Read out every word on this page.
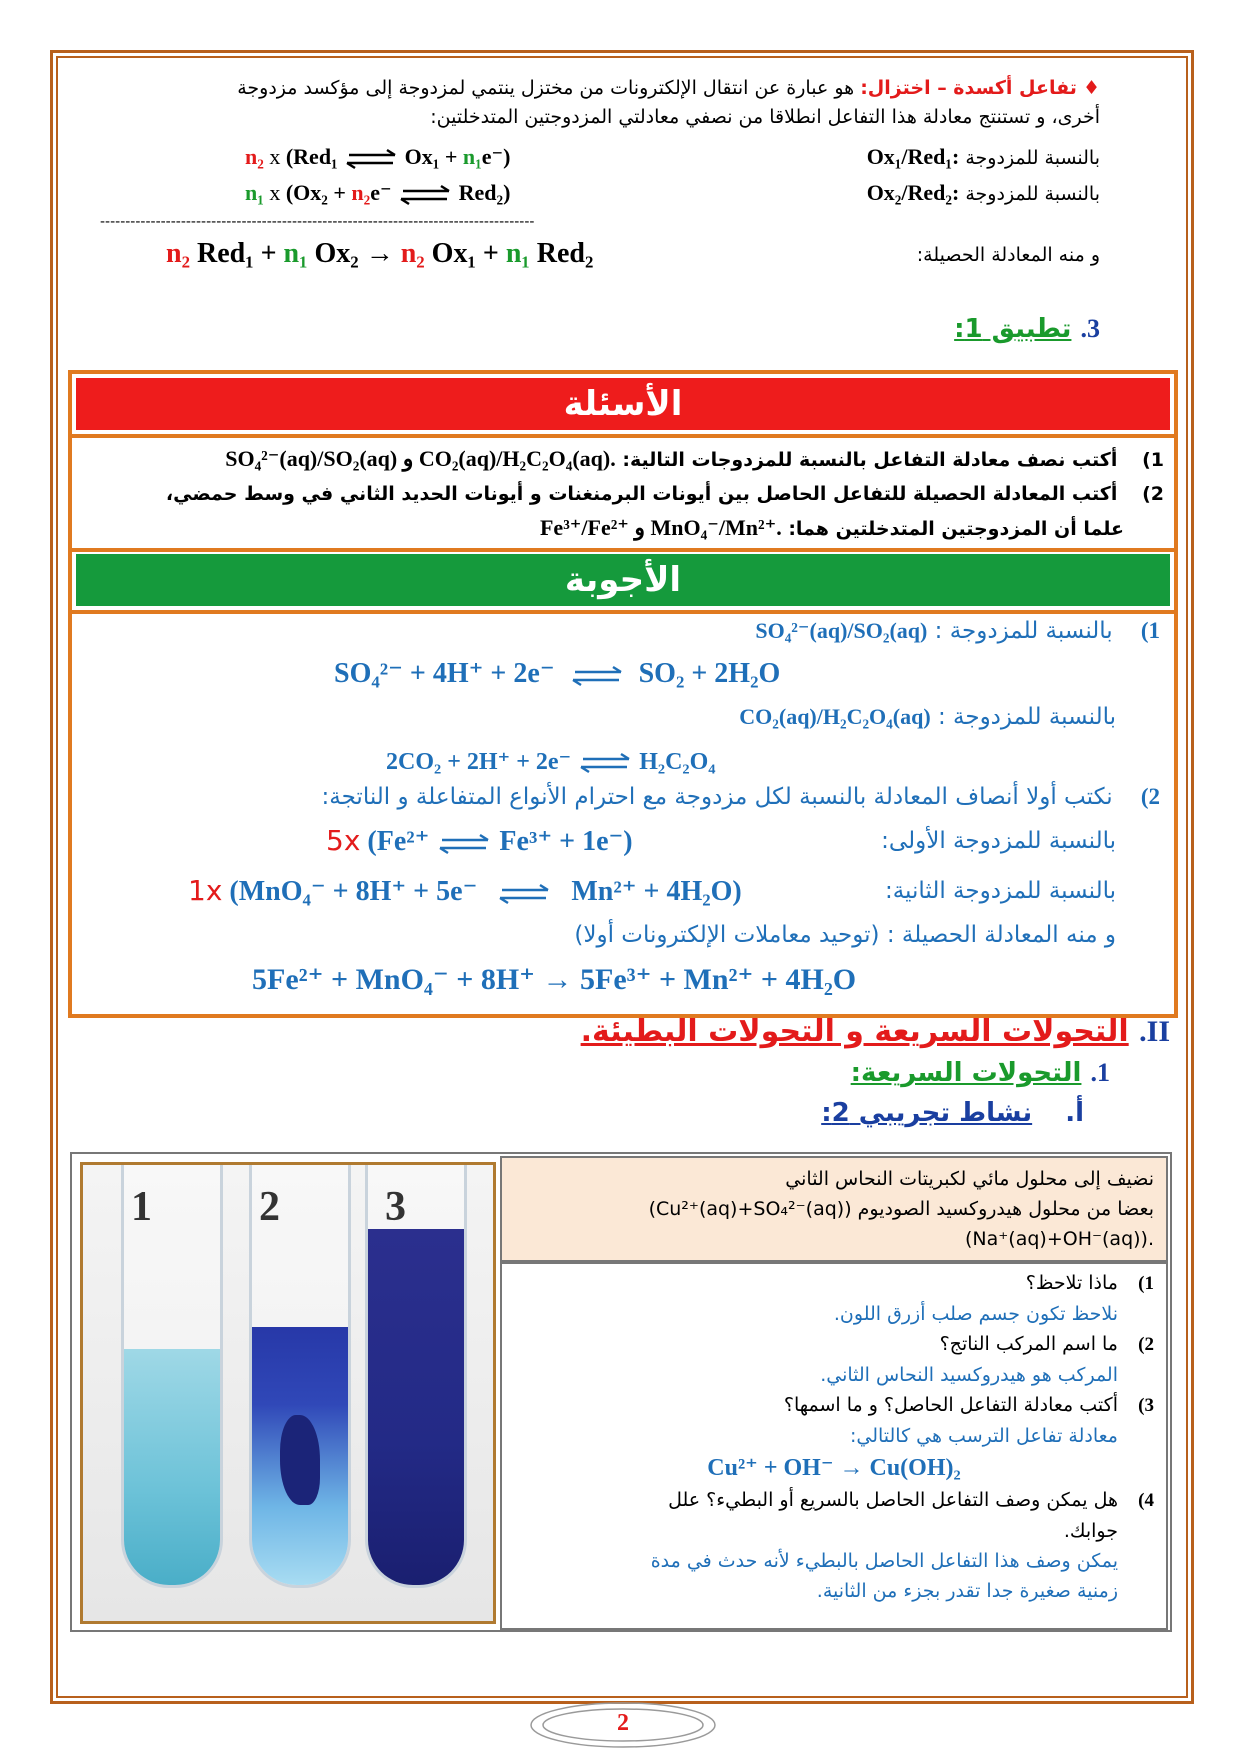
♦ تفاعل أكسدة – اختزال: هو عبارة عن انتقال الإلكترونات من مختزل ينتمي لمزدوجة إلى مؤكسد مزدوجة
أخرى، و تستنتج معادلة هذا التفاعل انطلاقا من نصفي معادلتي المزدوجتين المتدخلتين:
بالنسبة للمزدوجة Ox₁/Red₁:
n₂ x (Red₁ ⇌ Ox₁ + n₁e⁻)
بالنسبة للمزدوجة Ox₂/Red₂:
n₁ x (Ox₂ + n₂e⁻ ⇌ Red₂)
--------------------------------------------------------------------------------------
و منه المعادلة الحصيلة:
n₂ Red₁ + n₁ Ox₂ → n₂ Ox₁ + n₁ Red₂
3. تطبيق 1:
الأسئلة
1) أكتب نصف معادلة التفاعل بالنسبة للمزدوجات التالية: SO₄²⁻(aq)/SO₂(aq) و CO₂(aq)/H₂C₂O₄(aq).
2) أكتب المعادلة الحصيلة للتفاعل الحاصل بين أيونات البرمنغنات و أيونات الحديد الثاني في وسط حمضي،
علما أن المزدوجتين المتدخلتين هما: Fe³⁺/Fe²⁺ و MnO₄⁻/Mn²⁺.
الأجوبة
1) بالنسبة للمزدوجة : SO₄²⁻(aq)/SO₂(aq)
SO₄²⁻ + 4H⁺ + 2e⁻ ⇌ SO₂ + 2H₂O
بالنسبة للمزدوجة : CO₂(aq)/H₂C₂O₄(aq)
2CO₂ + 2H⁺ + 2e⁻ ⇌ H₂C₂O₄
2) نكتب أولا أنصاف المعادلة بالنسبة لكل مزدوجة مع احترام الأنواع المتفاعلة و الناتجة:
بالنسبة للمزدوجة الأولى:
5x (Fe²⁺ ⇌ Fe³⁺ + 1e⁻)
بالنسبة للمزدوجة الثانية:
1x (MnO₄⁻ + 8H⁺ + 5e⁻ ⇌ Mn²⁺ + 4H₂O)
و منه المعادلة الحصيلة : (توحيد معاملات الإلكترونات أولا)
5Fe²⁺ + MnO₄⁻ + 8H⁺ → 5Fe³⁺ + Mn²⁺ + 4H₂O
II. التحولات السريعة و التحولات البطيئة.
1. التحولات السريعة:
أ. نشاط تجريبي 2:
1	2	3
نضيف إلى محلول مائي لكبريتات النحاس الثاني
(Cu²⁺(aq)+SO₄²⁻(aq)) بعضا من محلول هيدروكسيد الصوديوم
(Na⁺(aq)+OH⁻(aq)).
1)ماذا تلاحظ؟
نلاحظ تكون جسم صلب أزرق اللون.
2)ما اسم المركب الناتج؟
المركب هو هيدروكسيد النحاس الثاني.
3)أكتب معادلة التفاعل الحاصل؟ و ما اسمها؟
معادلة تفاعل الترسب هي كالتالي:
Cu²⁺ + OH⁻ → Cu(OH)₂
4)هل يمكن وصف التفاعل الحاصل بالسريع أو البطيء؟ علل
جوابك.
يمكن وصف هذا التفاعل الحاصل بالبطيء لأنه حدث في مدة
زمنية صغيرة جدا تقدر بجزء من الثانية.
2
